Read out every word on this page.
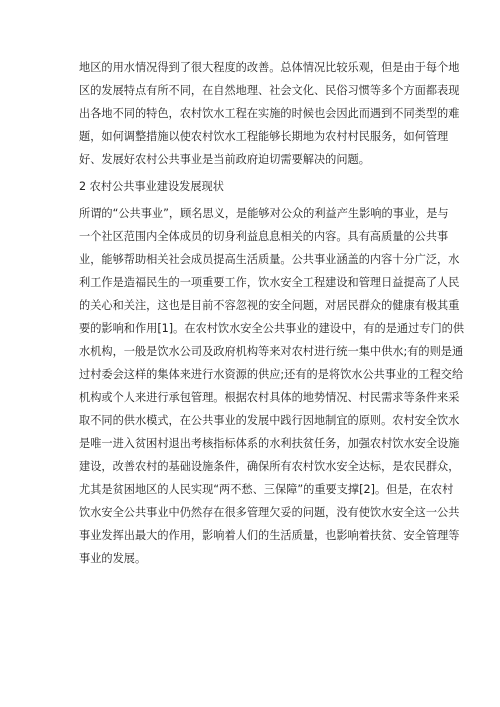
地区的用水情况得到了很大程度的改善。总体情况比较乐观，但是由于每个地
区的发展特点有所不同，在自然地理、社会文化、民俗习惯等多个方面都表现
出各地不同的特色，农村饮水工程在实施的时候也会因此而遇到不同类型的难
题，如何调整措施以使农村饮水工程能够长期地为农村村民服务，如何管理
好、发展好农村公共事业是当前政府迫切需要解决的问题。
2 农村公共事业建设发展现状
所谓的“公共事业”，顾名思义，是能够对公众的利益产生影响的事业，是与
一个社区范围内全体成员的切身利益息息相关的内容。具有高质量的公共事
业，能够帮助相关社会成员提高生活质量。公共事业涵盖的内容十分广泛，水
利工作是造福民生的一项重要工作，饮水安全工程建设和管理日益提高了人民
的关心和关注，这也是目前不容忽视的安全问题，对居民群众的健康有极其重
要的影响和作用[1]。在农村饮水安全公共事业的建设中，有的是通过专门的供
水机构，一般是饮水公司及政府机构等来对农村进行统一集中供水;有的则是通
过村委会这样的集体来进行水资源的供应;还有的是将饮水公共事业的工程交给
机构或个人来进行承包管理。根据农村具体的地势情况、村民需求等条件来采
取不同的供水模式，在公共事业的发展中践行因地制宜的原则。农村安全饮水
是唯一进入贫困村退出考核指标体系的水利扶贫任务，加强农村饮水安全设施
建设，改善农村的基础设施条件，确保所有农村饮水安全达标，是农民群众，
尤其是贫困地区的人民实现“两不愁、三保障”的重要支撑[2]。但是，在农村
饮水安全公共事业中仍然存在很多管理欠妥的问题，没有使饮水安全这一公共
事业发挥出最大的作用，影响着人们的生活质量，也影响着扶贫、安全管理等
事业的发展。
